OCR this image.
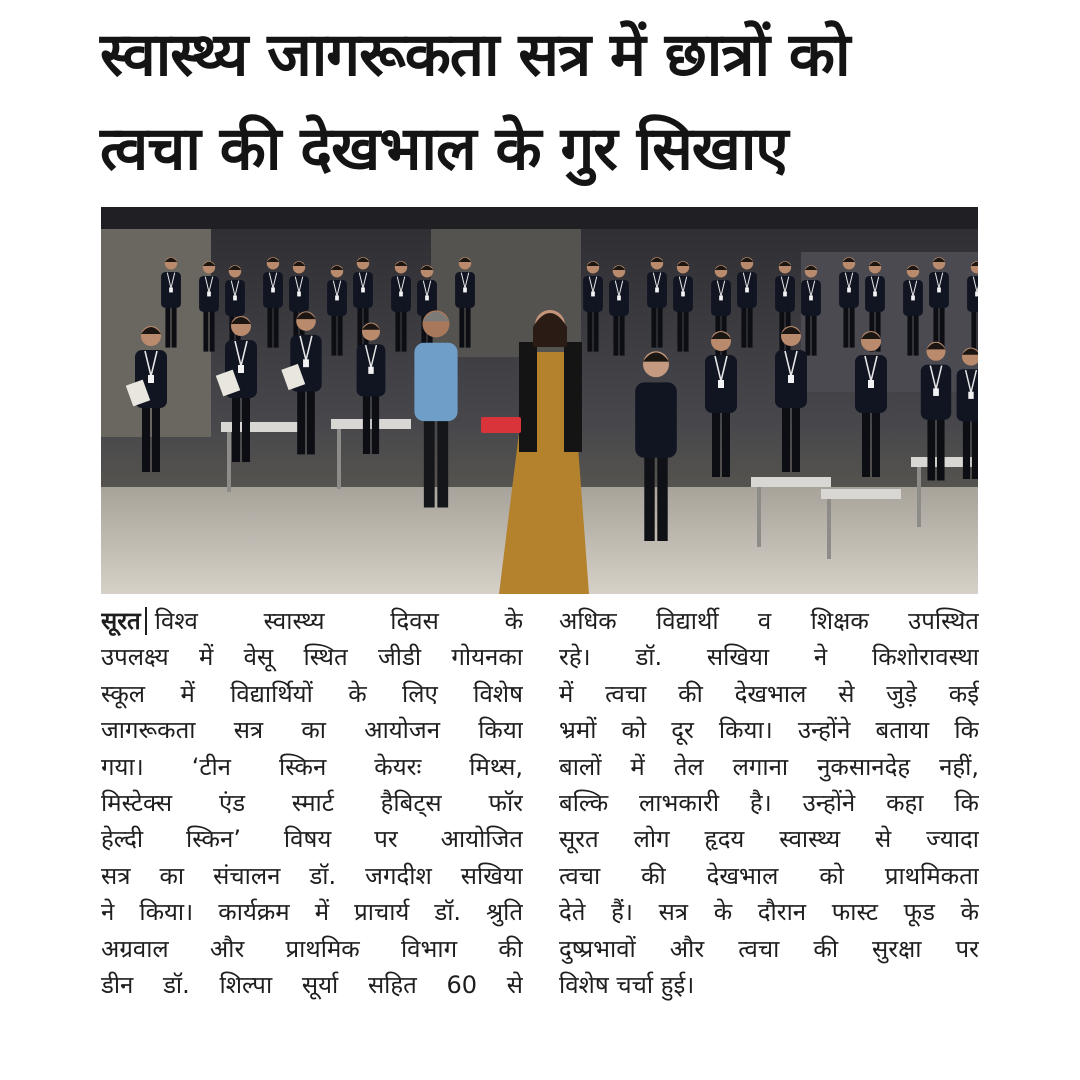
स्वास्थ्य जागरूकता सत्र में छात्रों को
त्वचा की देखभाल के गुर सिखाए
सूरत विश्व स्वास्थ्य दिवस के
उपलक्ष्य में वेसू स्थित जीडी गोयनका
स्कूल में विद्यार्थियों के लिए विशेष
जागरूकता सत्र का आयोजन किया
गया। ‘टीन स्किन केयरः मिथ्स,
मिस्टेक्स एंड स्मार्ट हैबिट्स फॉर
हेल्दी स्किन’ विषय पर आयोजित
सत्र का संचालन डॉ. जगदीश सखिया
ने किया। कार्यक्रम में प्राचार्य डॉ. श्रुति
अग्रवाल और प्राथमिक विभाग की
डीन डॉ. शिल्पा सूर्या सहित 60 से
अधिक विद्यार्थी व शिक्षक उपस्थित
रहे। डॉ. सखिया ने किशोरावस्था
में त्वचा की देखभाल से जुड़े कई
भ्रमों को दूर किया। उन्होंने बताया कि
बालों में तेल लगाना नुकसानदेह नहीं,
बल्कि लाभकारी है। उन्होंने कहा कि
सूरत लोग हृदय स्वास्थ्य से ज्यादा
त्वचा की देखभाल को प्राथमिकता
देते हैं। सत्र के दौरान फास्ट फूड के
दुष्प्रभावों और त्वचा की सुरक्षा पर
विशेष चर्चा हुई।
